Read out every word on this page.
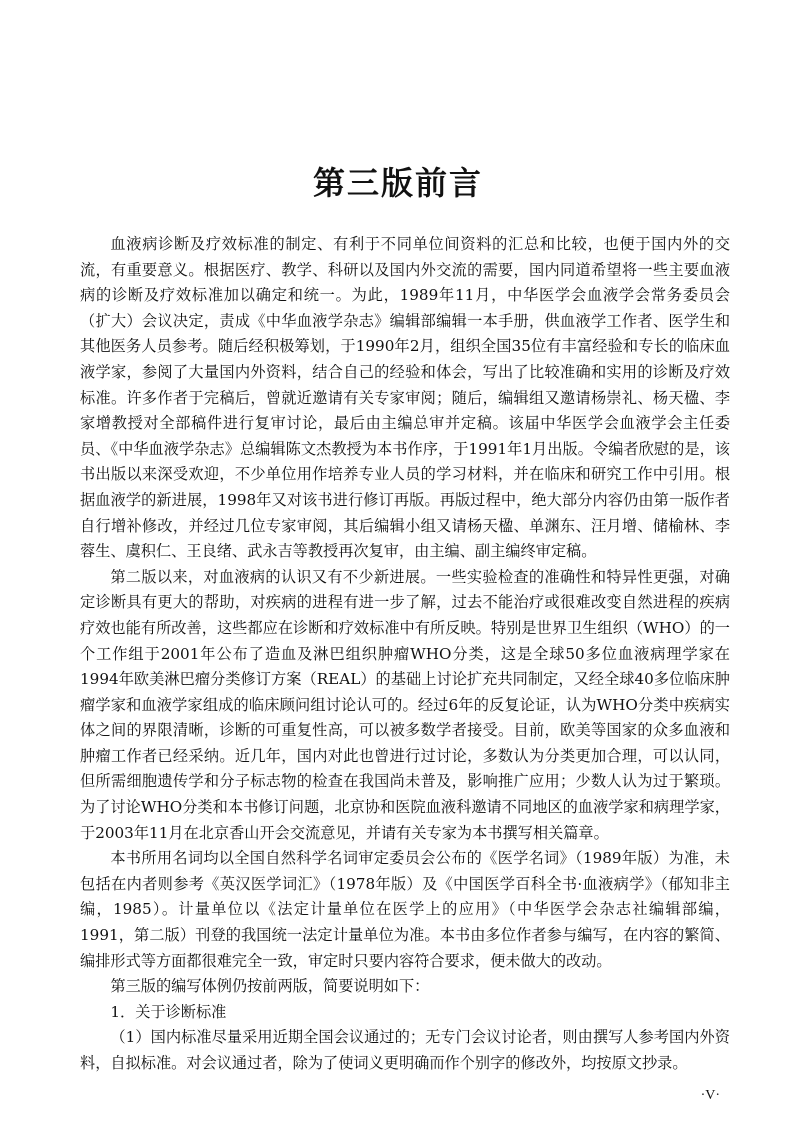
第三版前言

血液病诊断及疗效标准的制定、有利于不同单位间资料的汇总和比较，也便于国内外的交流，有重要意义。根据医疗、教学、科研以及国内外交流的需要，国内同道希望将一些主要血液病的诊断及疗效标准加以确定和统一。为此，1989年11月，中华医学会血液学会常务委员会（扩大）会议决定，责成《中华血液学杂志》编辑部编辑一本手册，供血液学工作者、医学生和其他医务人员参考。随后经积极筹划，于1990年2月，组织全国35位有丰富经验和专长的临床血液学家，参阅了大量国内外资料，结合自己的经验和体会，写出了比较准确和实用的诊断及疗效标准。许多作者于完稿后，曾就近邀请有关专家审阅；随后，编辑组又邀请杨崇礼、杨天楹、李家增教授对全部稿件进行复审讨论，最后由主编总审并定稿。该届中华医学会血液学会主任委员、《中华血液学杂志》总编辑陈文杰教授为本书作序，于1991年1月出版。令编者欣慰的是，该书出版以来深受欢迎，不少单位用作培养专业人员的学习材料，并在临床和研究工作中引用。根据血液学的新进展，1998年又对该书进行修订再版。再版过程中，绝大部分内容仍由第一版作者自行增补修改，并经过几位专家审阅，其后编辑小组又请杨天楹、单渊东、汪月增、储榆林、李蓉生、虞积仁、王良绪、武永吉等教授再次复审，由主编、副主编终审定稿。

第二版以来，对血液病的认识又有不少新进展。一些实验检查的准确性和特异性更强，对确定诊断具有更大的帮助，对疾病的进程有进一步了解，过去不能治疗或很难改变自然进程的疾病疗效也能有所改善，这些都应在诊断和疗效标准中有所反映。特别是世界卫生组织（WHO）的一个工作组于2001年公布了造血及淋巴组织肿瘤WHO分类，这是全球50多位血液病理学家在1994年欧美淋巴瘤分类修订方案（REAL）的基础上讨论扩充共同制定，又经全球40多位临床肿瘤学家和血液学家组成的临床顾问组讨论认可的。经过6年的反复论证，认为WHO分类中疾病实体之间的界限清晰，诊断的可重复性高，可以被多数学者接受。目前，欧美等国家的众多血液和肿瘤工作者已经采纳。近几年，国内对此也曾进行过讨论，多数认为分类更加合理，可以认同，但所需细胞遗传学和分子标志物的检查在我国尚未普及，影响推广应用；少数人认为过于繁琐。为了讨论WHO分类和本书修订问题，北京协和医院血液科邀请不同地区的血液学家和病理学家，于2003年11月在北京香山开会交流意见，并请有关专家为本书撰写相关篇章。

本书所用名词均以全国自然科学名词审定委员会公布的《医学名词》（1989年版）为准，未包括在内者则参考《英汉医学词汇》（1978年版）及《中国医学百科全书·血液病学》（郁知非主编，1985）。计量单位以《法定计量单位在医学上的应用》（中华医学会杂志社编辑部编，1991，第二版）刊登的我国统一法定计量单位为准。本书由多位作者参与编写，在内容的繁简、编排形式等方面都很难完全一致，审定时只要内容符合要求，便未做大的改动。

第三版的编写体例仍按前两版，简要说明如下：

1．关于诊断标准

（1）国内标准尽量采用近期全国会议通过的；无专门会议讨论者，则由撰写人参考国内外资料，自拟标准。对会议通过者，除为了使词义更明确而作个别字的修改外，均按原文抄录。

·V·
